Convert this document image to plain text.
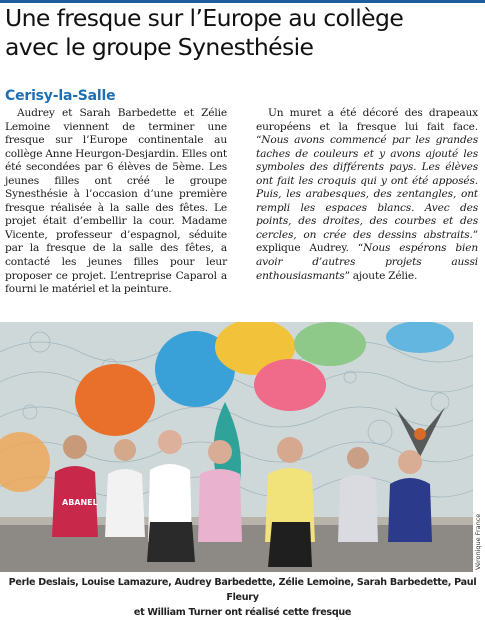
Une fresque sur l’Europe au collège
avec le groupe Synesthésie
Cerisy-la-Salle

Audrey et Sarah Barbedette et Zélie Lemoine viennent de terminer une fresque sur l’Europe continentale au collège Anne Heurgon-Desjardin. Elles ont été secondées par 6 élèves de 5ème. Les jeunes filles ont créé le groupe Synesthésie à l’occasion d’une première fresque réalisée à la salle des fêtes. Le projet était d’embellir la cour. Madame Vicente, professeur d’espagnol, séduite par la fresque de la salle des fêtes, a contacté les jeunes filles pour leur proposer ce projet. L’entreprise Caparol a fourni le matériel et la peinture.

Un muret a été décoré des drapeaux européens et la fresque lui fait face. “Nous avons commencé par les grandes taches de couleurs et y avons ajouté les symboles des différents pays. Les élèves ont fait les croquis qui y ont été apposés. Puis, les arabesques, des zentangles, ont rempli les espaces blancs. Avec des points, des droites, des courbes et des cercles, on crée des dessins abstraits.” explique Audrey. “Nous espérons bien avoir d’autres projets aussi enthousiasmants” ajoute Zélie.

ABANEL
Véronique France

Perle Deslais, Louise Lamazure, Audrey Barbedette, Zélie Lemoine, Sarah Barbedette, Paul Fleury
et William Turner ont réalisé cette fresque
